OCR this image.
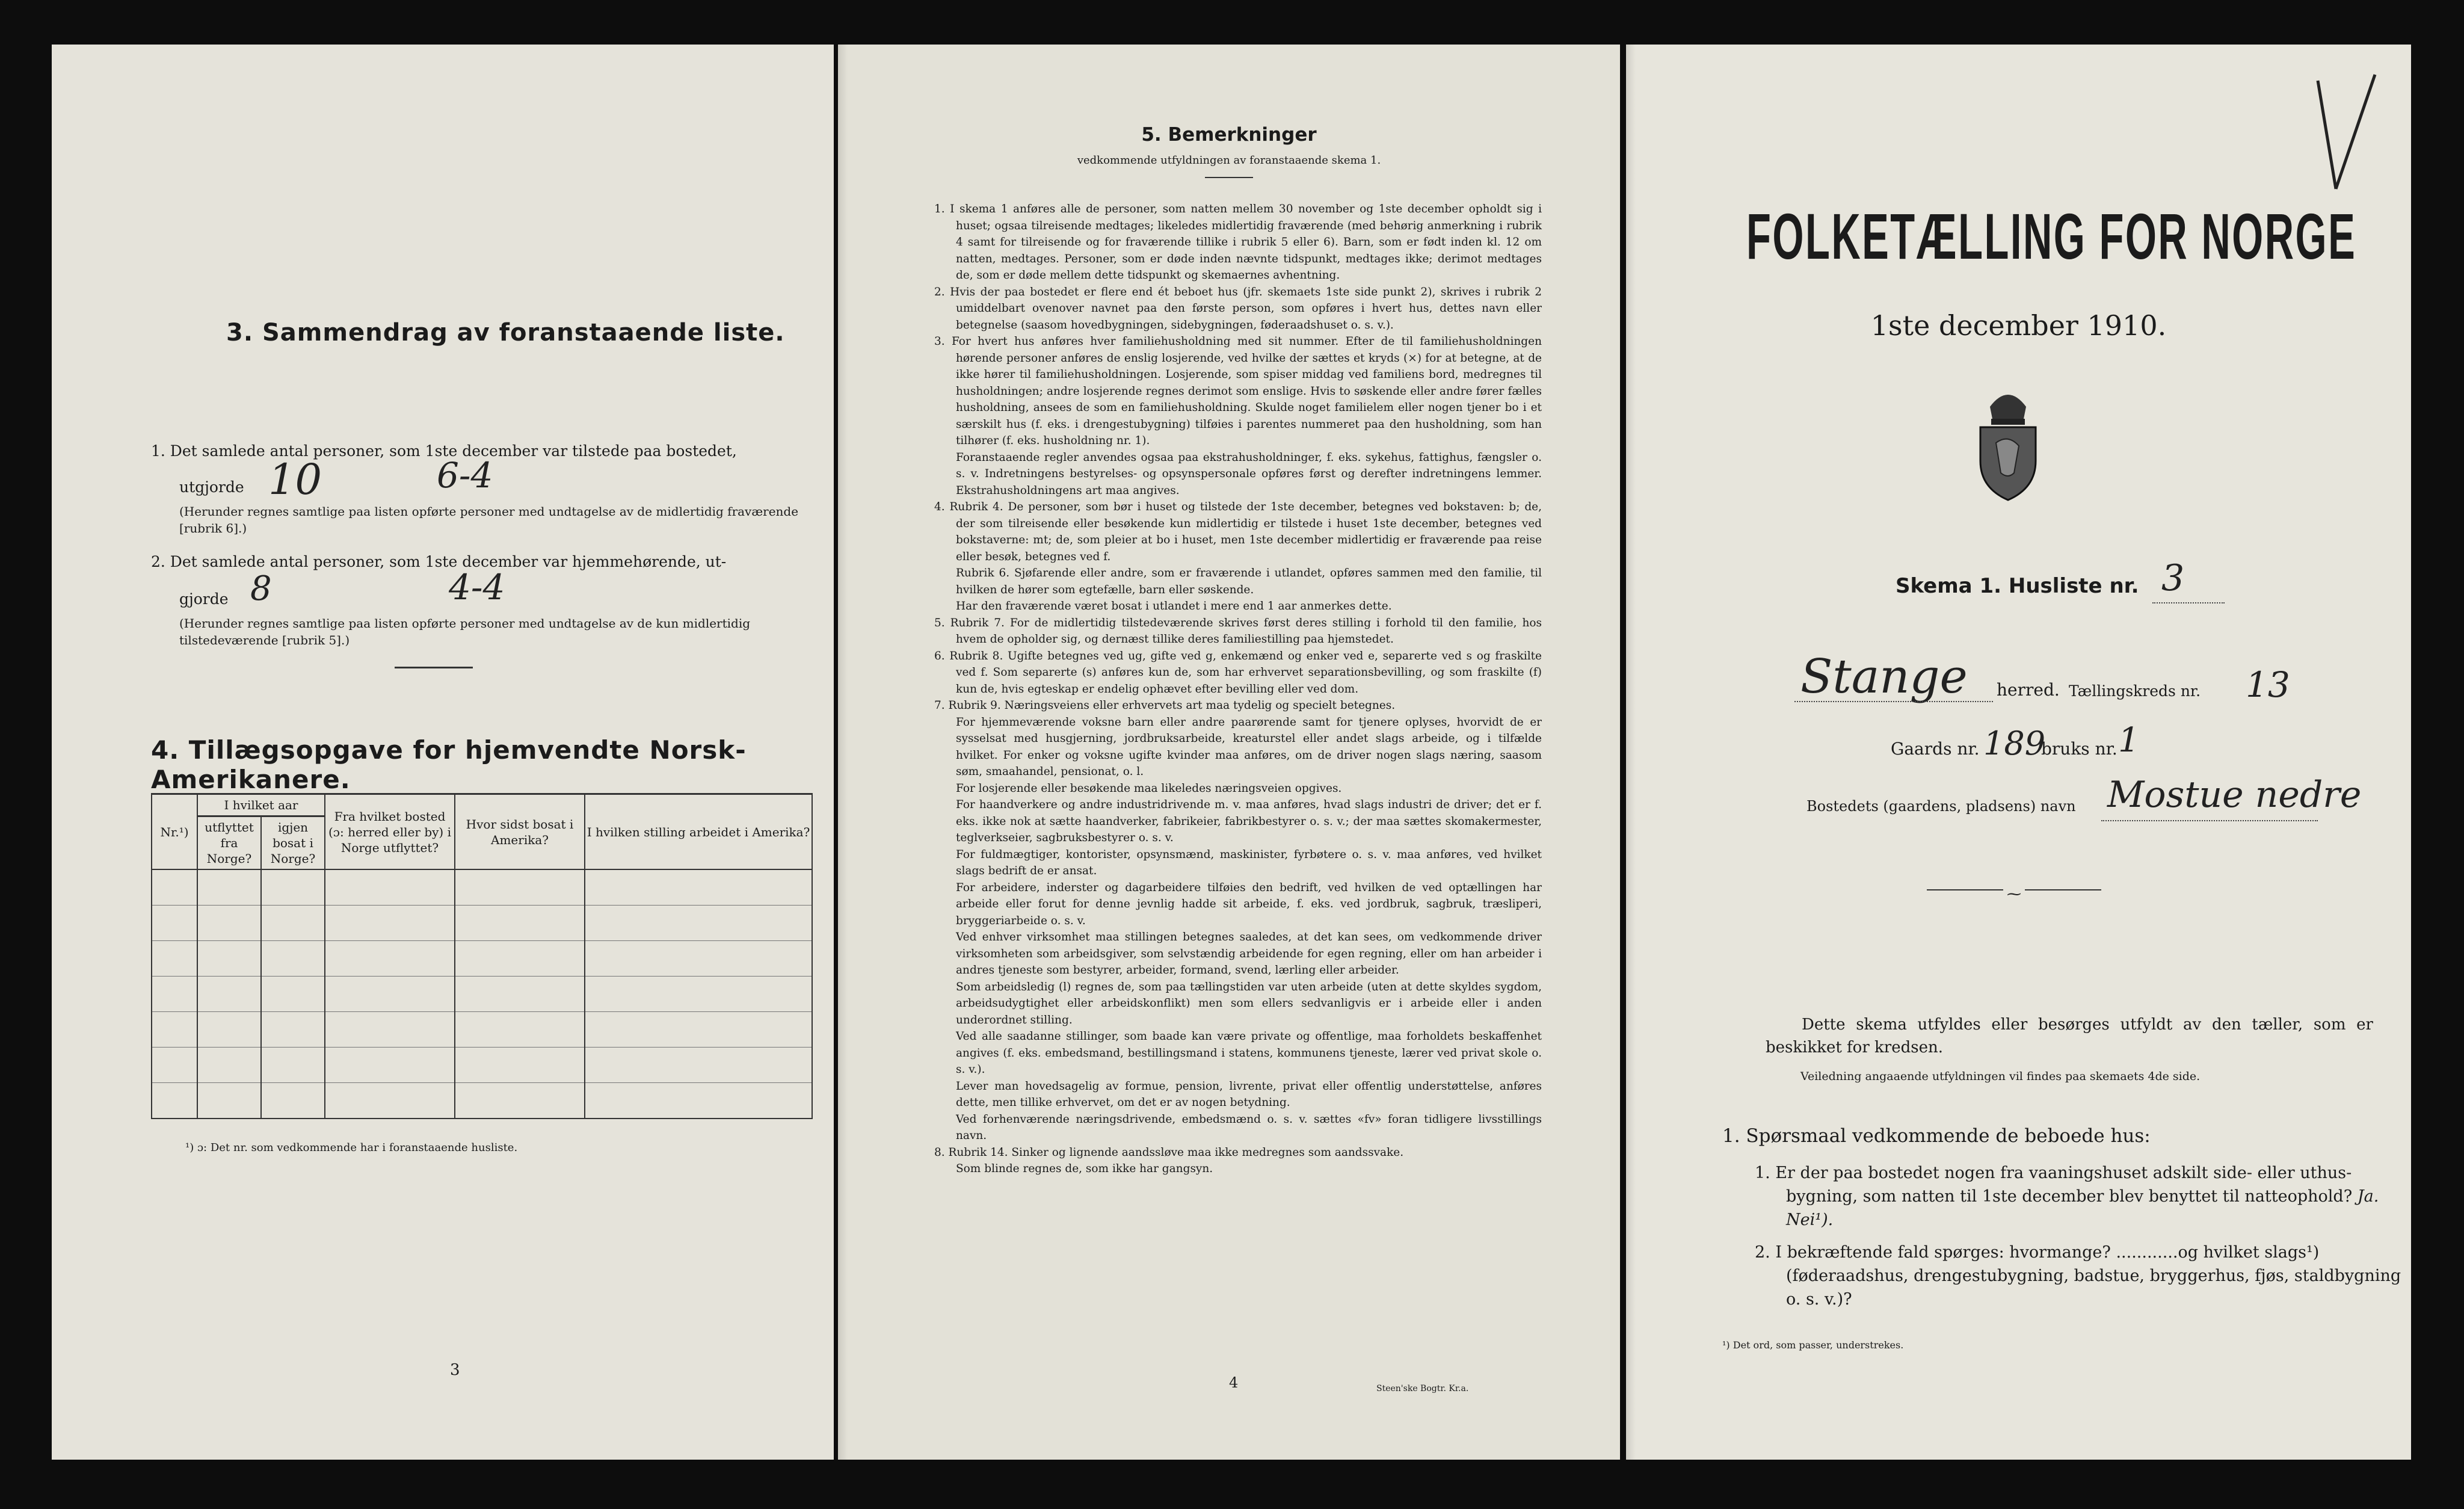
3. Sammendrag av foranstaaende liste.
1. Det samlede antal personer, som 1ste december var tilstede paa bostedet,
utgjorde 10	6-4
(Herunder regnes samtlige paa listen opførte personer med undtagelse av de midlertidig fraværende [rubrik 6].)
2. Det samlede antal personer, som 1ste december var hjemmehørende, ut-
gjorde 8	4-4
(Herunder regnes samtlige paa listen opførte personer med undtagelse av de kun midlertidig tilstedeværende [rubrik 5].)
4. Tillægsopgave for hjemvendte Norsk-Amerikanere.
Nr.¹)	I hvilket aar		Fra hvilket bosted (ɔ: herred eller by) i Norge utflyttet?	Hvor sidst bosat i Amerika?	I hvilken stilling arbeidet i Amerika?
	utflyttet fra Norge?	igjen bosat i Norge?			

¹) ɔ: Det nr. som vedkommende har i foranstaaende husliste.
3
5. Bemerkninger
vedkommende utfyldningen av foranstaaende skema 1.

1. I skema 1 anføres alle de personer, som natten mellem 30 november og 1ste december opholdt sig i huset; ogsaa tilreisende medtages; likeledes midlertidig fraværende (med behørig anmerkning i rubrik 4 samt for tilreisende og for fraværende tillike i rubrik 5 eller 6). Barn, som er født inden kl. 12 om natten, medtages. Personer, som er døde inden nævnte tidspunkt, medtages ikke; derimot medtages de, som er døde mellem dette tidspunkt og skemaernes avhentning.

2. Hvis der paa bostedet er flere end ét beboet hus (jfr. skemaets 1ste side punkt 2), skrives i rubrik 2 umiddelbart ovenover navnet paa den første person, som opføres i hvert hus, dettes navn eller betegnelse (saasom hovedbygningen, sidebygningen, føderaadshuset o. s. v.).

3. For hvert hus anføres hver familiehusholdning med sit nummer. Efter de til familiehusholdningen hørende personer anføres de enslig losjerende, ved hvilke der sættes et kryds (×) for at betegne, at de ikke hører til familiehusholdningen. Losjerende, som spiser middag ved familiens bord, medregnes til husholdningen; andre losjerende regnes derimot som enslige. Hvis to søskende eller andre fører fælles husholdning, ansees de som en familiehusholdning. Skulde noget familielem eller nogen tjener bo i et særskilt hus (f. eks. i drengestubygning) tilføies i parentes nummeret paa den husholdning, som han tilhører (f. eks. husholdning nr. 1).

Foranstaaende regler anvendes ogsaa paa ekstrahusholdninger, f. eks. sykehus, fattighus, fængsler o. s. v. Indretningens bestyrelses- og opsynspersonale opføres først og derefter indretningens lemmer. Ekstrahusholdningens art maa angives.

4. Rubrik 4. De personer, som bør i huset og tilstede der 1ste december, betegnes ved bokstaven: b; de, der som tilreisende eller besøkende kun midlertidig er tilstede i huset 1ste december, betegnes ved bokstaverne: mt; de, som pleier at bo i huset, men 1ste december midlertidig er fraværende paa reise eller besøk, betegnes ved f.

Rubrik 6. Sjøfarende eller andre, som er fraværende i utlandet, opføres sammen med den familie, til hvilken de hører som egtefælle, barn eller søskende.

Har den fraværende været bosat i utlandet i mere end 1 aar anmerkes dette.

5. Rubrik 7. For de midlertidig tilstedeværende skrives først deres stilling i forhold til den familie, hos hvem de opholder sig, og dernæst tillike deres familiestilling paa hjemstedet.

6. Rubrik 8. Ugifte betegnes ved ug, gifte ved g, enkemænd og enker ved e, separerte ved s og fraskilte ved f. Som separerte (s) anføres kun de, som har erhvervet separationsbevilling, og som fraskilte (f) kun de, hvis egteskap er endelig ophævet efter bevilling eller ved dom.

7. Rubrik 9. Næringsveiens eller erhvervets art maa tydelig og specielt betegnes.

For hjemmeværende voksne barn eller andre paarørende samt for tjenere oplyses, hvorvidt de er sysselsat med husgjerning, jordbruksarbeide, kreaturstel eller andet slags arbeide, og i tilfælde hvilket. For enker og voksne ugifte kvinder maa anføres, om de driver nogen slags næring, saasom søm, smaahandel, pensionat, o. l.

For losjerende eller besøkende maa likeledes næringsveien opgives.

For haandverkere og andre industridrivende m. v. maa anføres, hvad slags industri de driver; det er f. eks. ikke nok at sætte haandverker, fabrikeier, fabrikbestyrer o. s. v.; der maa sættes skomakermester, teglverkseier, sagbruksbestyrer o. s. v.

For fuldmægtiger, kontorister, opsynsmænd, maskinister, fyrbøtere o. s. v. maa anføres, ved hvilket slags bedrift de er ansat.

For arbeidere, inderster og dagarbeidere tilføies den bedrift, ved hvilken de ved optællingen har arbeide eller forut for denne jevnlig hadde sit arbeide, f. eks. ved jordbruk, sagbruk, træsliperi, bryggeriarbeide o. s. v.

Ved enhver virksomhet maa stillingen betegnes saaledes, at det kan sees, om vedkommende driver virksomheten som arbeidsgiver, som selvstændig arbeidende for egen regning, eller om han arbeider i andres tjeneste som bestyrer, arbeider, formand, svend, lærling eller arbeider.

Som arbeidsledig (l) regnes de, som paa tællingstiden var uten arbeide (uten at dette skyldes sygdom, arbeidsudygtighet eller arbeidskonflikt) men som ellers sedvanligvis er i arbeide eller i anden underordnet stilling.

Ved alle saadanne stillinger, som baade kan være private og offentlige, maa forholdets beskaffenhet angives (f. eks. embedsmand, bestillingsmand i statens, kommunens tjeneste, lærer ved privat skole o. s. v.).

Lever man hovedsagelig av formue, pension, livrente, privat eller offentlig understøttelse, anføres dette, men tillike erhvervet, om det er av nogen betydning.

Ved forhenværende næringsdrivende, embedsmænd o. s. v. sættes «fv» foran tidligere livsstillings navn.

8. Rubrik 14. Sinker og lignende aandssløve maa ikke medregnes som aandssvake.

Som blinde regnes de, som ikke har gangsyn.

4	Steen'ske Bogtr. Kr.a.
FOLKETÆLLING FOR NORGE
1ste december 1910.
Skema 1. Husliste nr. 3
Stange herred. Tællingskreds nr. 13
Gaards nr. 189
bruks nr. 1
Bostedets (gaardens, pladsens) navn Mostue nedre
⁓
Dette skema utfyldes eller besørges utfyldt av den tæller, som er beskikket for kredsen.
Veiledning angaaende utfyldningen vil findes paa skemaets 4de side.
1. Spørsmaal vedkommende de beboede hus:
1. Er der paa bostedet nogen fra vaaningshuset adskilt side- eller uthus-bygning, som natten til 1ste december blev benyttet til natteophold? Ja. Nei¹).
2. I bekræftende fald spørges: hvormange? ............og hvilket slags¹) (føderaadshus, drengestubygning, badstue, bryggerhus, fjøs, staldbygning o. s. v.)?
¹) Det ord, som passer, understrekes.
